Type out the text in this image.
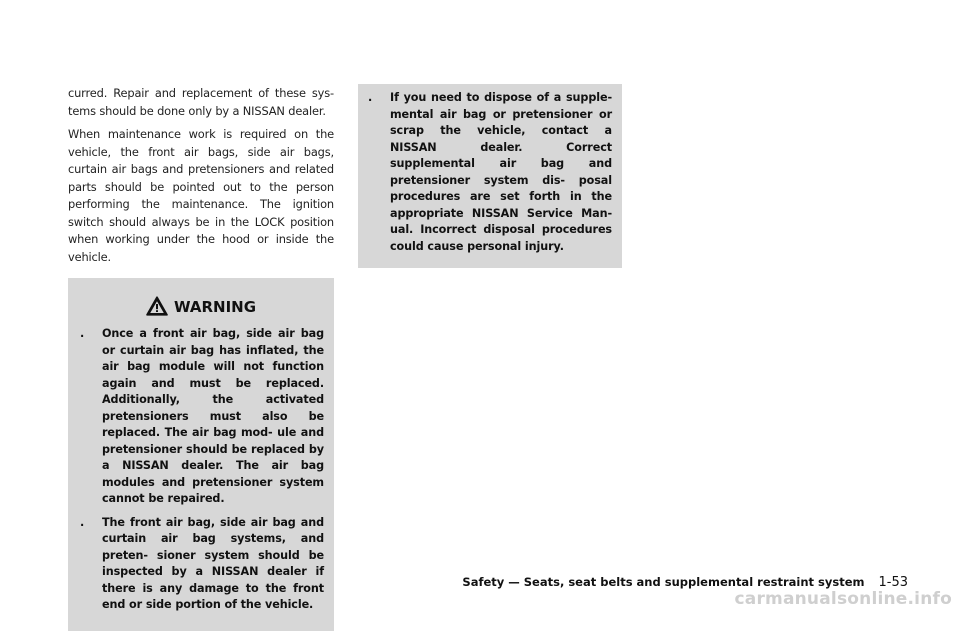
curred. Repair and replacement of these sys- tems should be done only by a NISSAN dealer.

When maintenance work is required on the vehicle, the front air bags, side air bags, curtain air bags and pretensioners and related parts should be pointed out to the person performing the maintenance. The ignition switch should always be in the LOCK position when working under the hood or inside the vehicle.

WARNING
.	Once a front air bag, side air bag or curtain air bag has inflated, the air bag module will not function again and must be replaced. Additionally, the activated pretensioners must also be replaced. The air bag mod- ule and pretensioner should be replaced by a NISSAN dealer. The air bag modules and pretensioner system cannot be repaired.
.	The front air bag, side air bag and curtain air bag systems, and preten- sioner system should be inspected by a NISSAN dealer if there is any damage to the front end or side portion of the vehicle.
.	If you need to dispose of a supple- mental air bag or pretensioner or scrap the vehicle, contact a NISSAN dealer. Correct supplemental air bag and pretensioner system dis- posal procedures are set forth in the appropriate NISSAN Service Man- ual. Incorrect disposal procedures could cause personal injury.
Safety — Seats, seat belts and supplemental restraint system 1-53
carmanualsonline.info
